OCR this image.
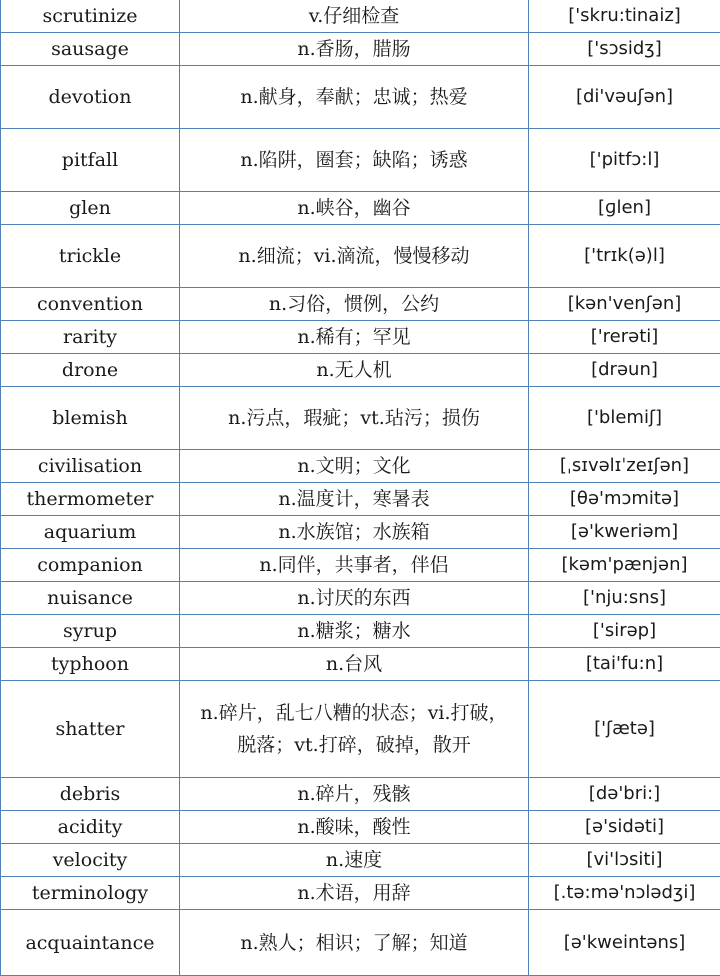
scrutinize	v.仔细检查	['skru:tinaiz]
sausage	n.香肠，腊肠	['sɔsidʒ]
devotion	n.献身，奉献；忠诚；热爱	[di'vəuʃən]
pitfall	n.陷阱，圈套；缺陷；诱惑	['pitfɔ:l]
glen	n.峡谷，幽谷	[ɡlen]
trickle	n.细流；vi.滴流，慢慢移动	['trɪk(ə)l]
convention	n.习俗，惯例，公约	[kən'venʃən]
rarity	n.稀有；罕见	['rerəti]
drone	n.无人机	[drəun]
blemish	n.污点，瑕疵；vt.玷污；损伤	['blemiʃ]
civilisation	n.文明；文化	[ˌsɪvəlɪˈzeɪʃən]
thermometer	n.温度计，寒暑表	[θə'mɔmitə]
aquarium	n.水族馆；水族箱	[ə'kweriəm]
companion	n.同伴，共事者，伴侣	[kəm'pænjən]
nuisance	n.讨厌的东西	['nju:sns]
syrup	n.糖浆；糖水	['sirəp]
typhoon	n.台风	[tai'fu:n]
shatter	n.碎片，乱七八糟的状态；vi.打破，脱落；vt.打碎，破掉，散开	['ʃætə]
debris	n.碎片，残骸	[də'bri:]
acidity	n.酸味，酸性	[ə'sidəti]
velocity	n.速度	[vi'lɔsiti]
terminology	n.术语，用辞	[.tə:mə'nɔlədʒi]
acquaintance	n.熟人；相识；了解；知道	[ə'kweintəns]
